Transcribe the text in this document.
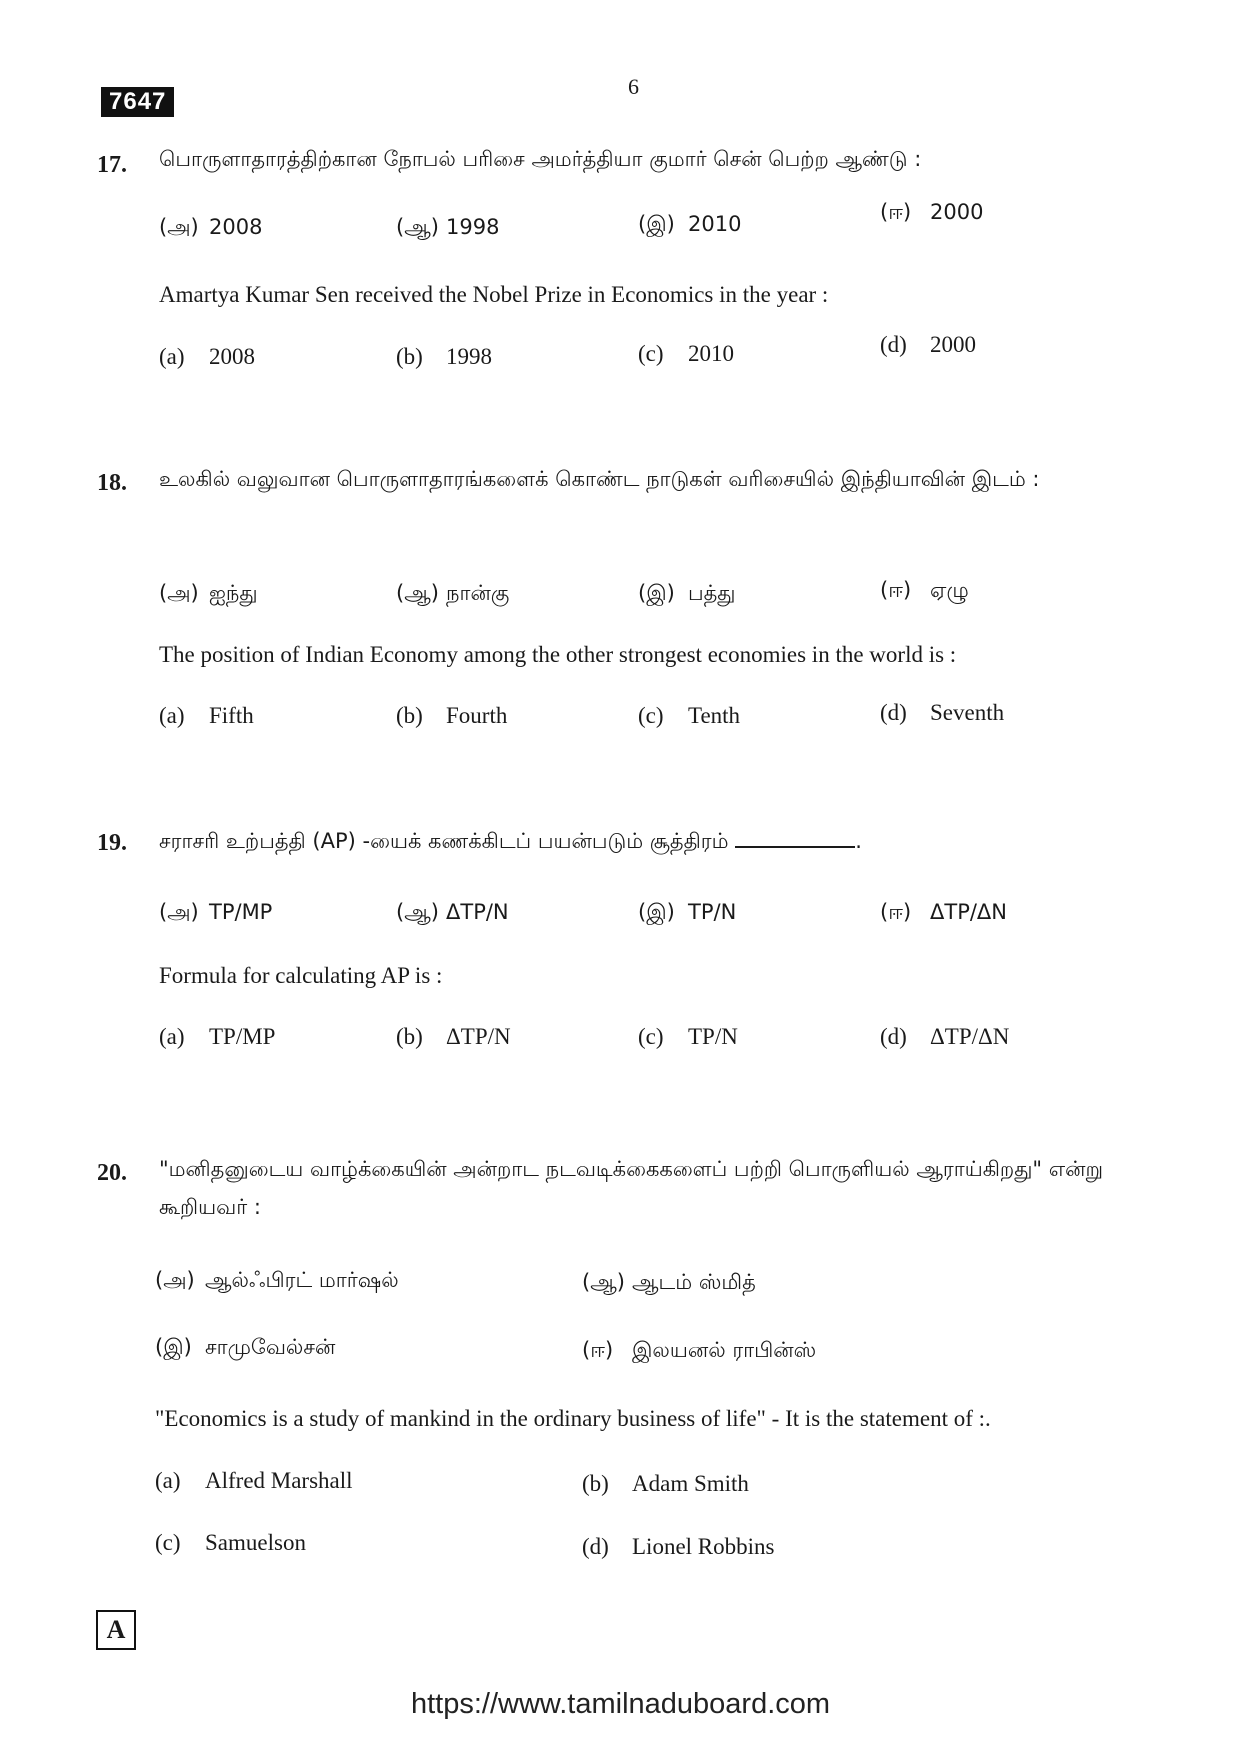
7647
6
17. பொருளாதாரத்திற்கான நோபல் பரிசை அமர்த்தியா குமார் சென் பெற்ற ஆண்டு :
(அ) 2008	(ஆ) 1998	(இ) 2010	(ஈ) 2000
Amartya Kumar Sen received the Nobel Prize in Economics in the year :
(a) 2008	(b) 1998	(c) 2010	(d) 2000
18. உலகில் வலுவான பொருளாதாரங்களைக் கொண்ட நாடுகள் வரிசையில் இந்தியாவின் இடம் :
(அ) ஐந்து	(ஆ) நான்கு	(இ) பத்து	(ஈ) ஏழு
The position of Indian Economy among the other strongest economies in the world is :
(a) Fifth	(b) Fourth	(c) Tenth	(d) Seventh
19. சராசரி உற்பத்தி (AP) -யைக் கணக்கிடப் பயன்படும் சூத்திரம்	.
(அ) TP/MP	(ஆ) ΔTP/N	(இ) TP/N	(ஈ) ΔTP/ΔN
Formula for calculating AP is :
(a) TP/MP	(b) ΔTP/N	(c) TP/N	(d) ΔTP/ΔN
20. "மனிதனுடைய வாழ்க்கையின் அன்றாட நடவடிக்கைகளைப் பற்றி பொருளியல் ஆராய்கிறது" என்று கூறியவர் :
(அ) ஆல்ஃபிரட் மார்ஷல்	(ஆ) ஆடம் ஸ்மித்
(இ) சாமுவேல்சன்	(ஈ) இலயனல் ராபின்ஸ்
"Economics is a study of mankind in the ordinary business of life" - It is the statement of :.
(a) Alfred Marshall	(b) Adam Smith
(c) Samuelson	(d) Lionel Robbins
A
https://www.tamilnaduboard.com
